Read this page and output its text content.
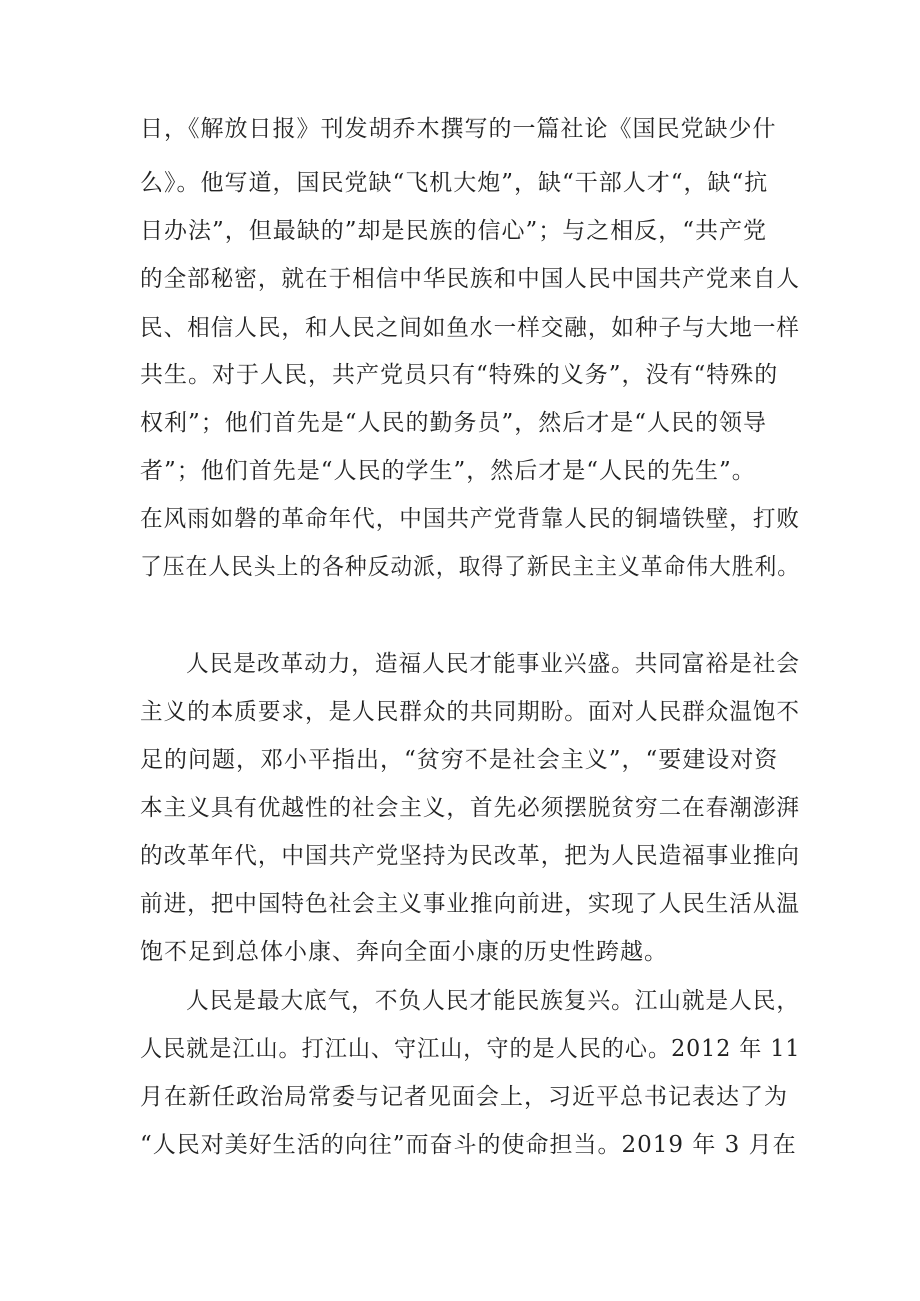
日，《解放日报》刊发胡乔木撰写的一篇社论《国民党缺少什
么》。他写道，国民党缺“飞机大炮”，缺“干部人才“，缺“抗
日办法”，但最缺的”却是民族的信心”；与之相反，“共产党
的全部秘密，就在于相信中华民族和中国人民中国共产党来自人
民、相信人民，和人民之间如鱼水一样交融，如种子与大地一样
共生。对于人民，共产党员只有“特殊的义务”，没有“特殊的
权利”；他们首先是“人民的勤务员”，然后才是“人民的领导
者”；他们首先是“人民的学生”，然后才是“人民的先生”。
在风雨如磐的革命年代，中国共产党背靠人民的铜墙铁壁，打败
了压在人民头上的各种反动派，取得了新民主主义革命伟大胜利。
人民是改革动力，造福人民才能事业兴盛。共同富裕是社会
主义的本质要求，是人民群众的共同期盼。面对人民群众温饱不
足的问题，邓小平指出，“贫穷不是社会主义”，“要建设对资
本主义具有优越性的社会主义，首先必须摆脱贫穷二在春潮澎湃
的改革年代，中国共产党坚持为民改革，把为人民造福事业推向
前进，把中国特色社会主义事业推向前进，实现了人民生活从温
饱不足到总体小康、奔向全面小康的历史性跨越。
人民是最大底气，不负人民才能民族复兴。江山就是人民，
人民就是江山。打江山、守江山，守的是人民的心。2012 年 11
月在新任政治局常委与记者见面会上，习近平总书记表达了为
“人民对美好生活的向往”而奋斗的使命担当。2019 年 3 月在
